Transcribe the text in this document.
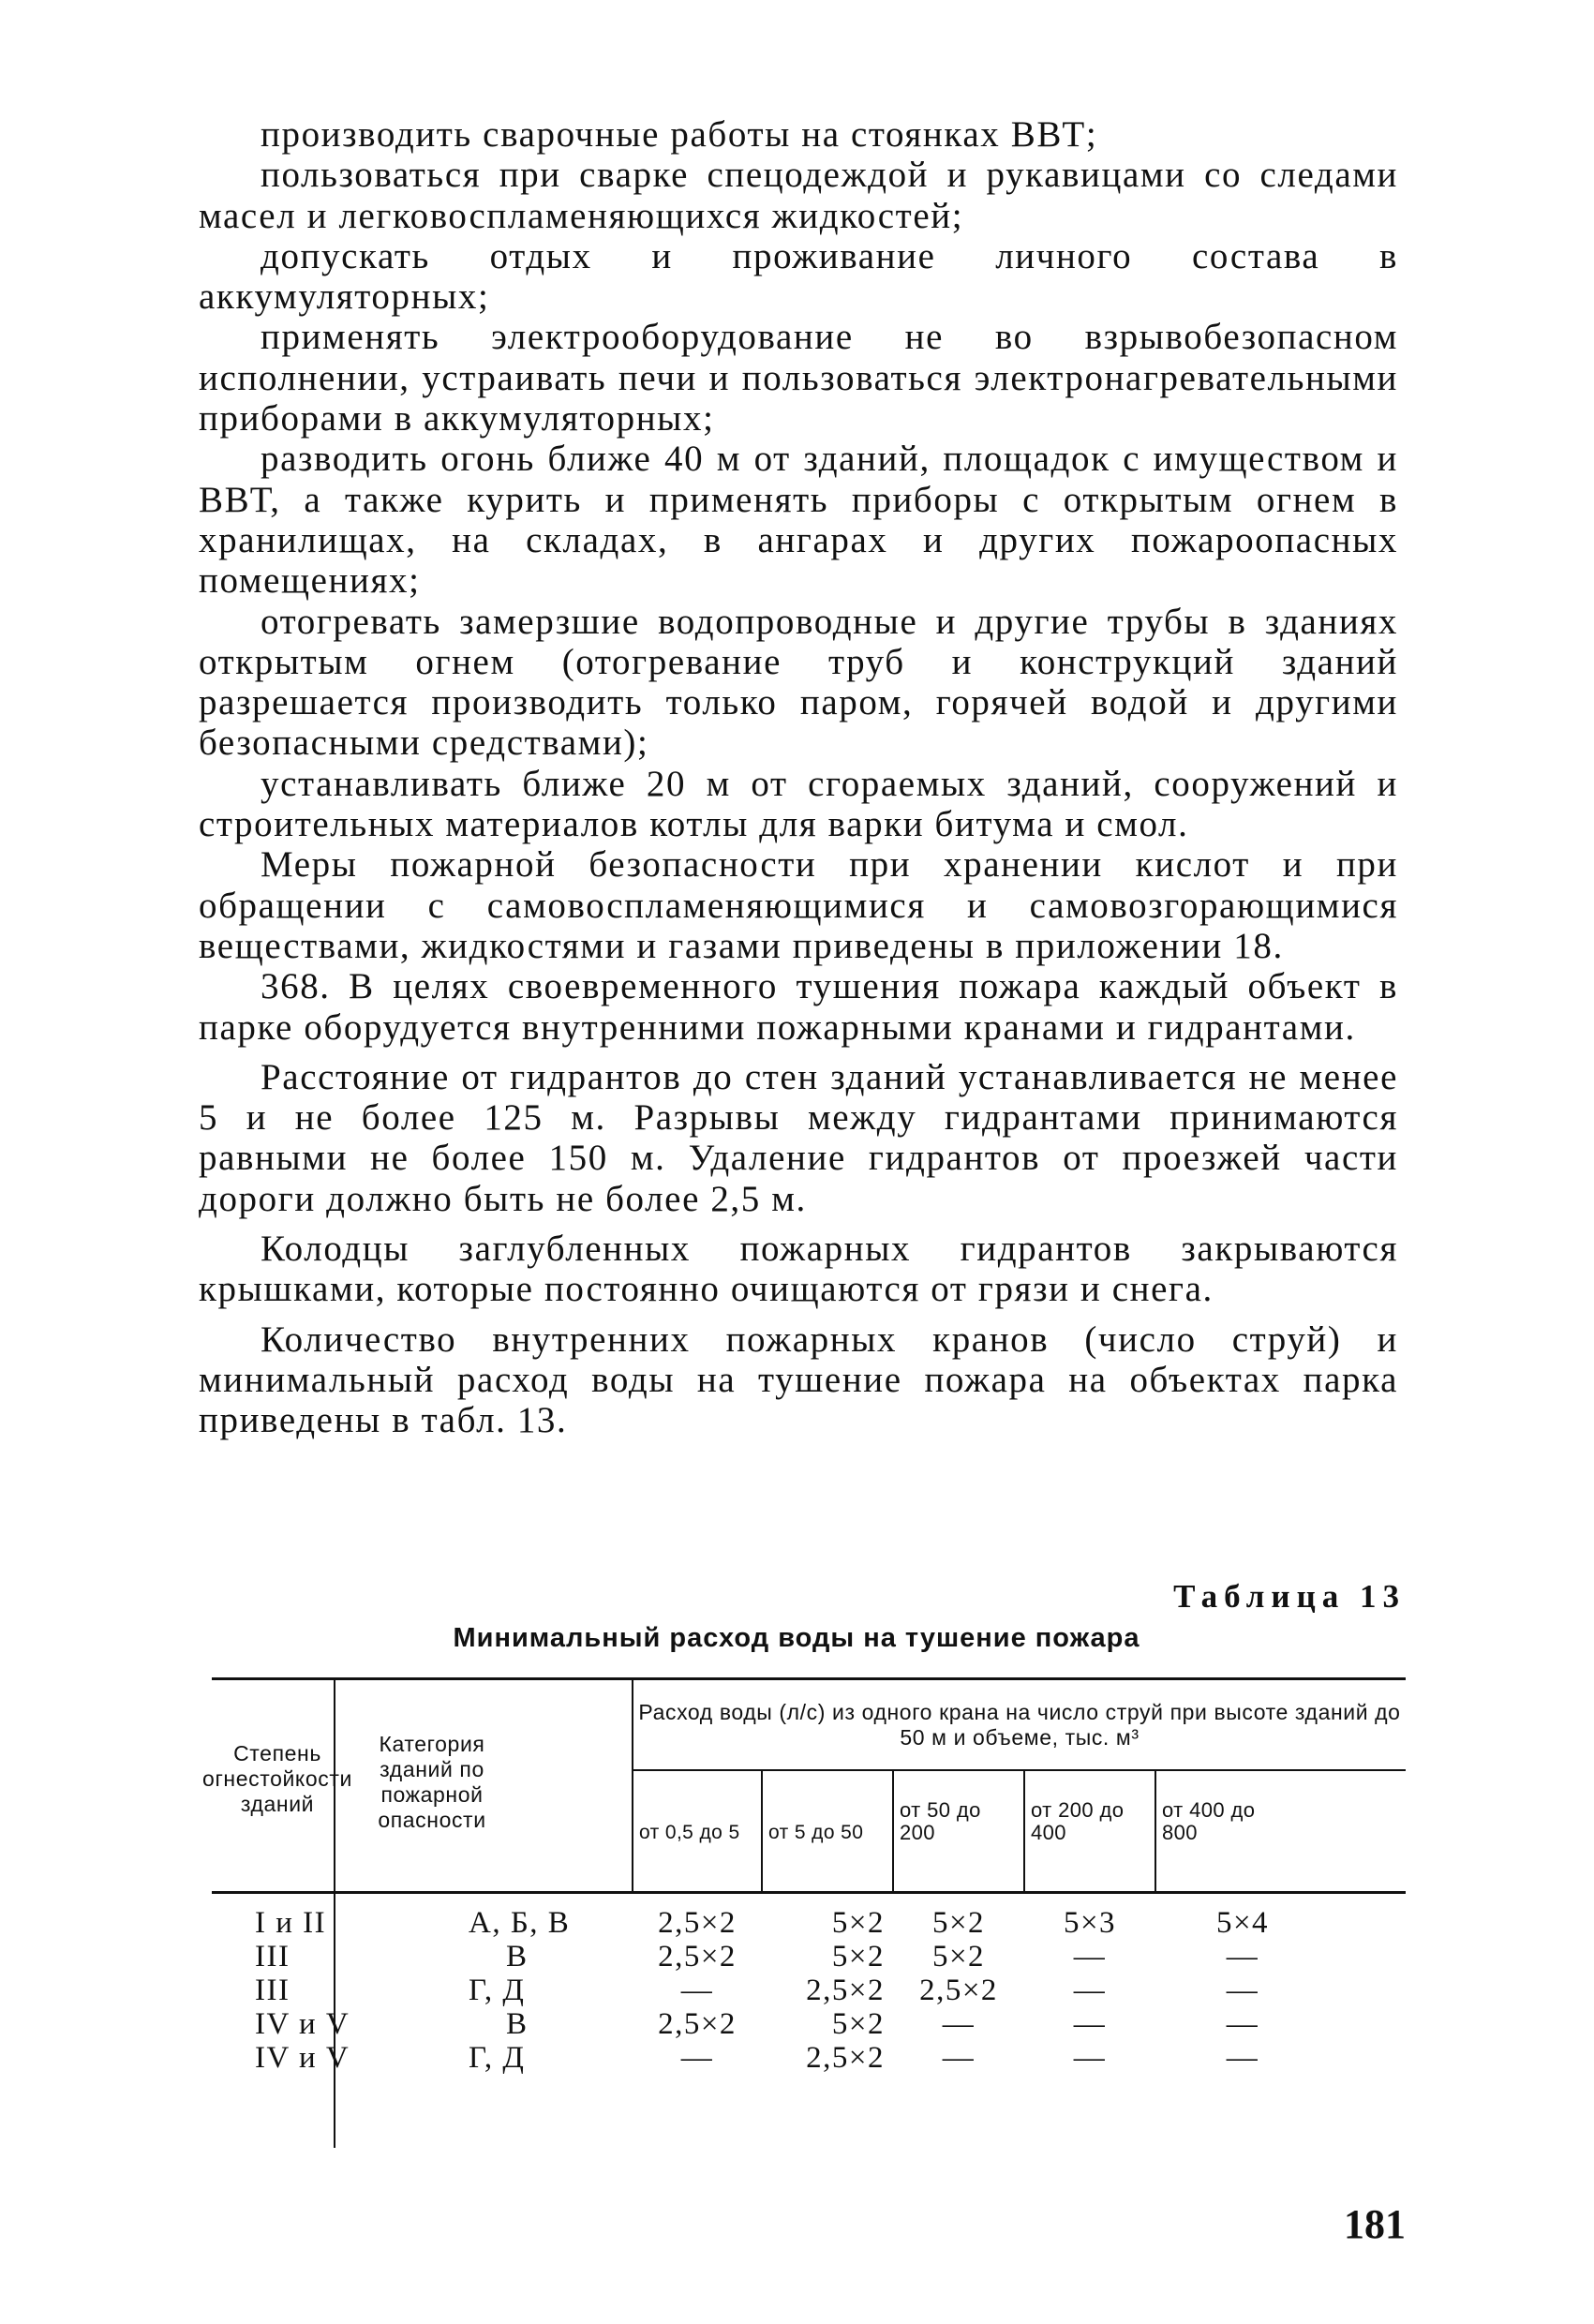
производить сварочные работы на стоянках ВВТ;

пользоваться при сварке спецодеждой и рукавицами со следами масел и легковоспламеняющихся жидкостей;

допускать отдых и проживание личного состава в аккумуляторных;

применять электрооборудование не во взрывобезопасном исполнении, устраивать печи и пользоваться электронагревательными приборами в аккумуляторных;

разводить огонь ближе 40 м от зданий, площадок с имуществом и ВВТ, а также курить и применять приборы с открытым огнем в хранилищах, на складах, в ангарах и других пожароопасных помещениях;

отогревать замерзшие водопроводные и другие трубы в зданиях открытым огнем (отогревание труб и конструкций зданий разрешается производить только паром, горячей водой и другими безопасными средствами);

устанавливать ближе 20 м от сгораемых зданий, сооружений и строительных материалов котлы для варки битума и смол.

Меры пожарной безопасности при хранении кислот и при обращении с самовоспламеняющимися и самовозгорающимися веществами, жидкостями и газами приведены в приложении 18.

368. В целях своевременного тушения пожара каждый объект в парке оборудуется внутренними пожарными кранами и гидрантами.

Расстояние от гидрантов до стен зданий устанавливается не менее 5 и не более 125 м. Разрывы между гидрантами принимаются равными не более 150 м. Удаление гидрантов от проезжей части дороги должно быть не более 2,5 м.

Колодцы заглубленных пожарных гидрантов закрываются крышками, которые постоянно очищаются от грязи и снега.

Количество внутренних пожарных кранов (число струй) и минимальный расход воды на тушение пожара на объектах парка приведены в табл. 13.

Таблица 13
Минимальный расход воды на тушение пожара
Степень огнестойкости зданий
Категория зданий по пожарной опасности
Расход воды (л/с) из одного крана на число струй при высоте зданий до 50 м и объеме, тыс. м³
от 0,5 до 5	от 5 до 50
от 50 до 200
от 200 до 400
от 400 до 800
I и II
III
III
IV и V
IV и V
А, Б, В
В
Г, Д
В
Г, Д
2,5×2
2,5×2
—
2,5×2
—
5×2
5×2
2,5×2
5×2
2,5×2
5×2
5×2
2,5×2
—
—
5×3
—
—
—
—
5×4
—
—
—
—
181
